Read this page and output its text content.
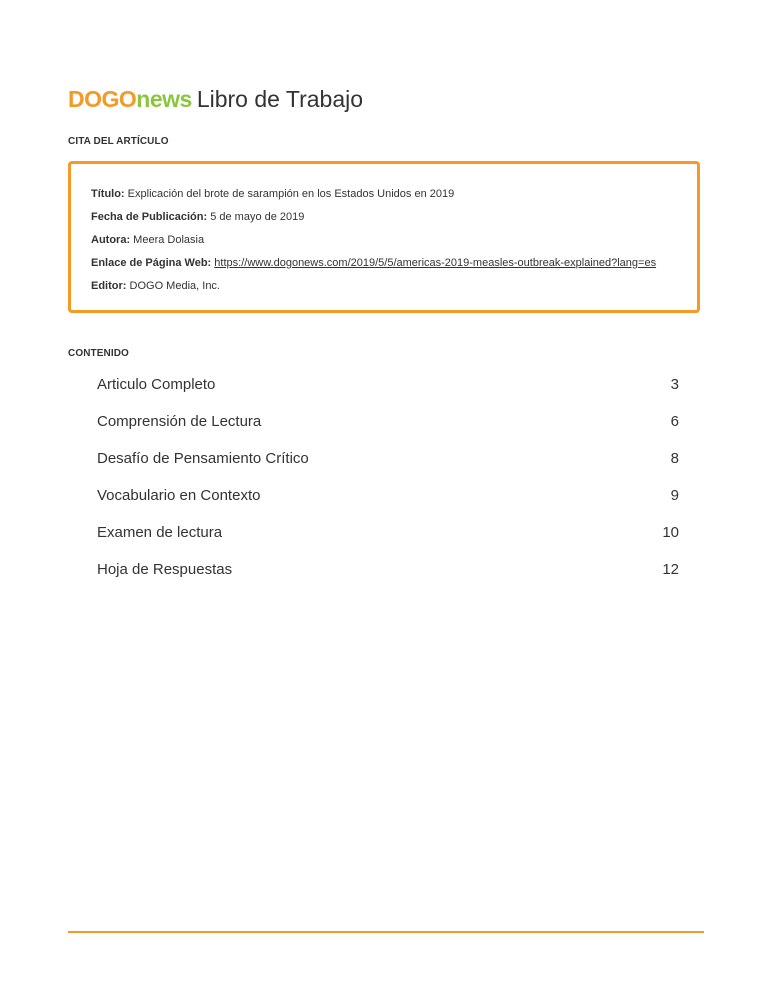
DOGOnews Libro de Trabajo
CITA DEL ARTÍCULO
Título: Explicación del brote de sarampión en los Estados Unidos en 2019
Fecha de Publicación: 5 de mayo de 2019
Autora: Meera Dolasia
Enlace de Página Web: https://www.dogonews.com/2019/5/5/americas-2019-measles-outbreak-explained?lang=es
Editor: DOGO Media, Inc.
CONTENIDO
Articulo Completo	3
Comprensión de Lectura	6
Desafío de Pensamiento Crítico	8
Vocabulario en Contexto	9
Examen de lectura	10
Hoja de Respuestas	12
